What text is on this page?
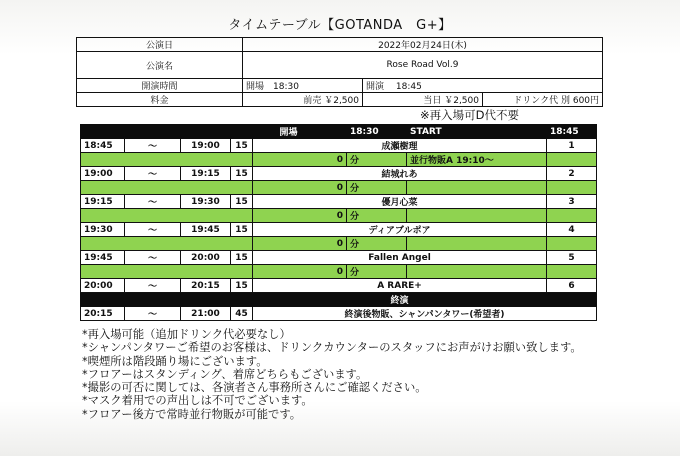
タイムテーブル【GOTANDA　G+】
公演日	2022年02月24日(木)		
公演名	Rose Road Vol.9		
開演時間	開場　18:30	開演　 18:45	
料金	前売 ￥2,500	当日 ￥2,500	ドリンク代 別 600円
※再入場可D代不要
			開場		18:30	START	18:45
18:45	～	19:00	15	成瀬樹理			1
				0	分	並行物販A 19:10～	
19:00	～	19:15	15	結城れあ			2
				0	分		
19:15	～	19:30	15	優月心菜			3
				0	分		
19:30	～	19:45	15	ディアブルポア			4
				0	分		
19:45	～	20:00	15	Fallen Angel			5
				0	分		
20:00	～	20:15	15	A RARE+			6
				終演			
20:15	～	21:00	45	終演後物販、シャンパンタワー(希望者)			
*再入場可能（追加ドリンク代必要なし）
*シャンパンタワーご希望のお客様は、ドリンクカウンターのスタッフにお声がけお願い致します。
*喫煙所は階段踊り場にございます。
*フロアーはスタンディング、着席どちらもございます。
*撮影の可否に関しては、各演者さん事務所さんにご確認ください。
*マスク着用での声出しは不可でございます。
*フロアー後方で常時並行物販が可能です。
